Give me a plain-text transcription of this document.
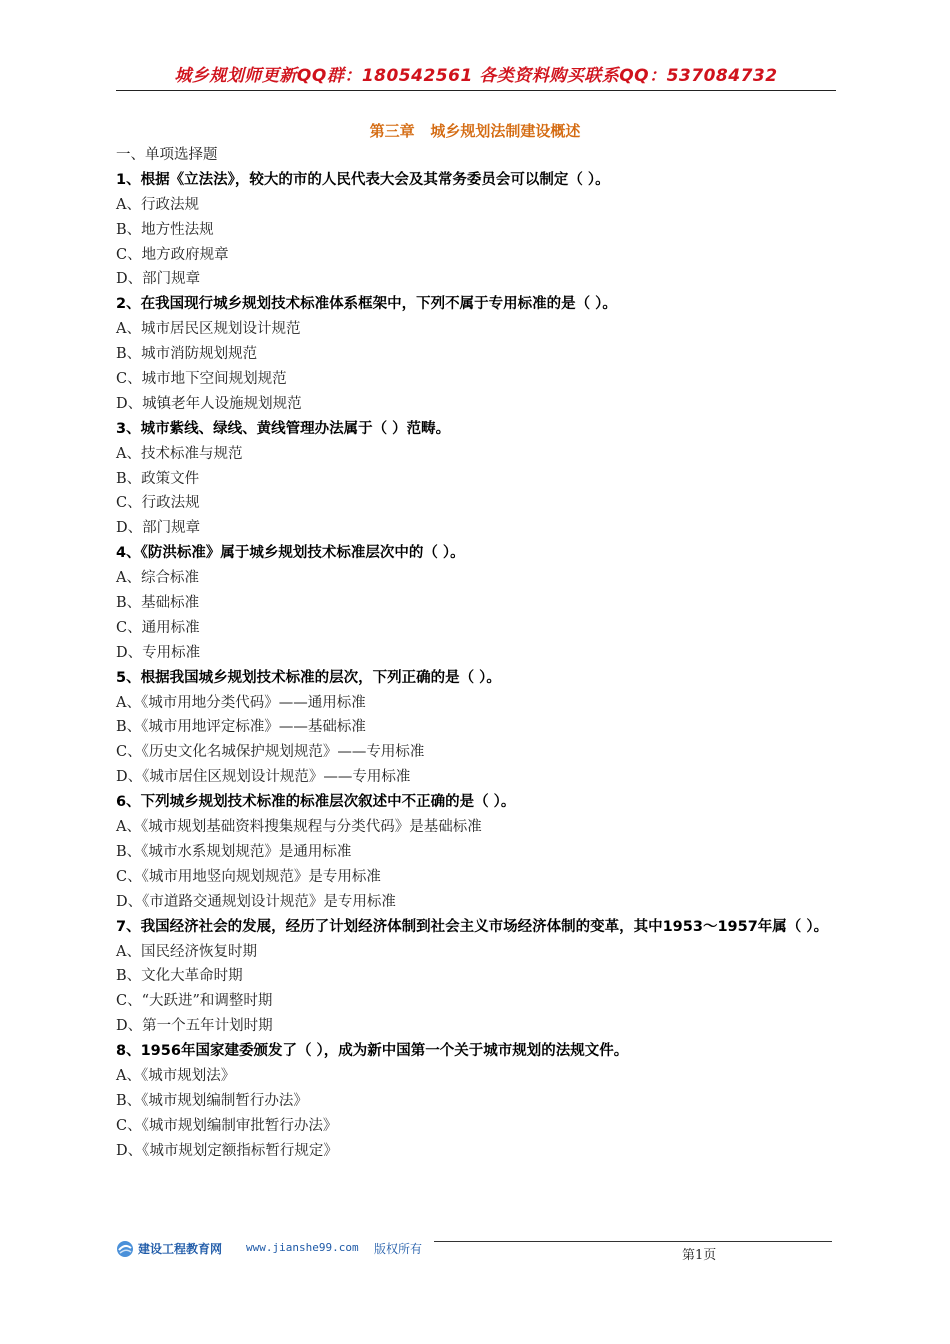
城乡规划师更新QQ群：180542561 各类资料购买联系QQ：537084732
第三章   城乡规划法制建设概述
一、单项选择题
1、根据《立法法》，较大的市的人民代表大会及其常务委员会可以制定（ ）。
A、行政法规
B、地方性法规
C、地方政府规章
D、部门规章
2、在我国现行城乡规划技术标准体系框架中，下列不属于专用标准的是（ ）。
A、城市居民区规划设计规范
B、城市消防规划规范
C、城市地下空间规划规范
D、城镇老年人设施规划规范
3、城市紫线、绿线、黄线管理办法属于（ ）范畴。
A、技术标准与规范
B、政策文件
C、行政法规
D、部门规章
4、《防洪标准》属于城乡规划技术标准层次中的（ ）。
A、综合标准
B、基础标准
C、通用标准
D、专用标准
5、根据我国城乡规划技术标准的层次，下列正确的是（ ）。
A、《城市用地分类代码》——通用标准
B、《城市用地评定标准》——基础标准
C、《历史文化名城保护规划规范》——专用标准
D、《城市居住区规划设计规范》——专用标准
6、下列城乡规划技术标准的标准层次叙述中不正确的是（ ）。
A、《城市规划基础资料搜集规程与分类代码》是基础标准
B、《城市水系规划规范》是通用标准
C、《城市用地竖向规划规范》是专用标准
D、《市道路交通规划设计规范》是专用标准
7、我国经济社会的发展，经历了计划经济体制到社会主义市场经济体制的变革，其中1953～1957年属（ ）。
A、国民经济恢复时期
B、文化大革命时期
C、“大跃进”和调整时期
D、第一个五年计划时期
8、1956年国家建委颁发了（ ），成为新中国第一个关于城市规划的法规文件。
A、《城市规划法》
B、《城市规划编制暂行办法》
C、《城市规划编制审批暂行办法》
D、《城市规划定额指标暂行规定》
建设工程教育网 www.jianshe99.com 版权所有	第1页
